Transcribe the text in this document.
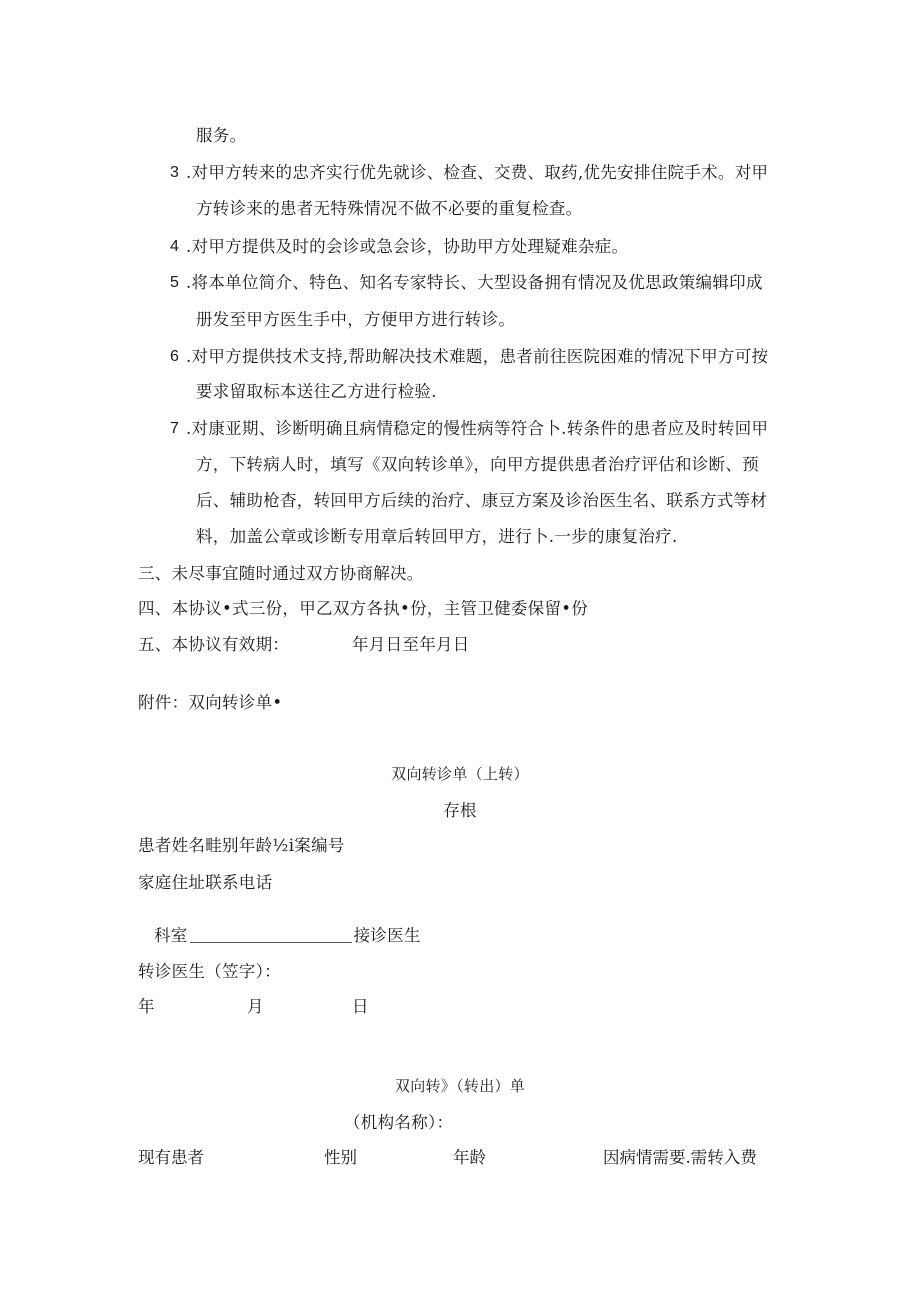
服务。
3 .对甲方转来的忠齐实行优先就诊、检查、交费、取药,优先安排住院手术。对甲
方转诊来的患者无特殊情况不做不必要的重复检查。
4 .对甲方提供及时的会诊或急会诊，协助甲方处理疑难杂症。
5 .将本单位简介、特色、知名专家特长、大型设备拥有情况及优思政策编辑印成
册发至甲方医生手中，方便甲方进行转诊。
6 .对甲方提供技术支持,帮助解决技术难题，患者前往医院困难的情况下甲方可按
要求留取标本送往乙方进行检验.
7 .对康亚期、诊断明确且病情稳定的慢性病等符合卜.转条件的患者应及时转回甲
方，下转病人时，填写《双向转诊单》，向甲方提供患者治疗评估和诊断、预
后、辅助枪杳，转回甲方后续的治疗、康豆方案及诊治医生名、联系方式等材
料，加盖公章或诊断专用章后转回甲方，进行卜.一步的康复治疗.
三、未尽事宜随时通过双方协商解决。
四、本协议•式三份，甲乙双方各执•份，主管卫健委保留•份
五、本协议有效期：	年月日至年月日
附件：双向转诊单•
双向转诊单（上转）
存根
患者姓名畦别年龄½i案编号
家庭住址联系电话
科室	接诊医生
转诊医生（笠字）：
年	月	日
双向转》（转出）单
（机构名称）：
现有患者	性别	年龄	因病情需要.需转入费
